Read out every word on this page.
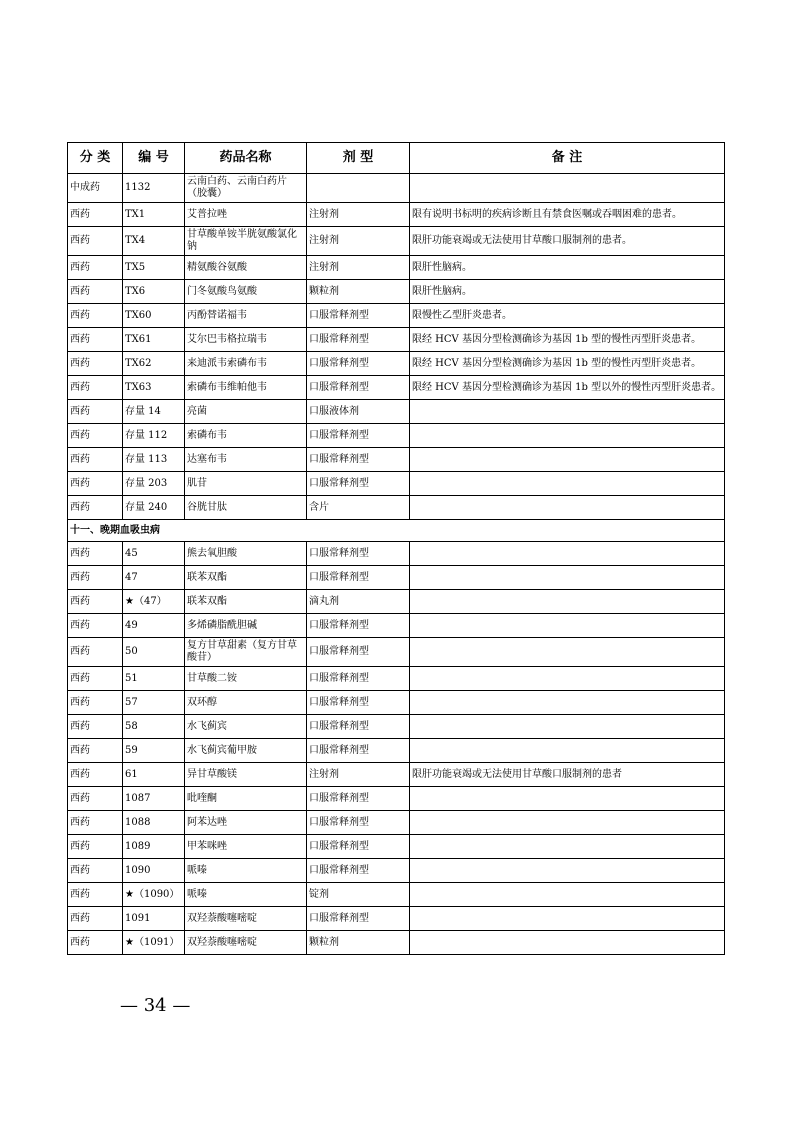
分 类	编 号	药品名称	剂 型	备 注
中成药	1132	云南白药、云南白药片（胶囊）		
西药	TX1	艾普拉唑	注射剂	限有说明书标明的疾病诊断且有禁食医嘱或吞咽困难的患者。
西药	TX4	甘草酸单铵半胱氨酸氯化钠	注射剂	限肝功能衰竭或无法使用甘草酸口服制剂的患者。
西药	TX5	精氨酸谷氨酸	注射剂	限肝性脑病。
西药	TX6	门冬氨酸鸟氨酸	颗粒剂	限肝性脑病。
西药	TX60	丙酚替诺福韦	口服常释剂型	限慢性乙型肝炎患者。
西药	TX61	艾尔巴韦格拉瑞韦	口服常释剂型	限经 HCV 基因分型检测确诊为基因 1b 型的慢性丙型肝炎患者。
西药	TX62	来迪派韦索磷布韦	口服常释剂型	限经 HCV 基因分型检测确诊为基因 1b 型的慢性丙型肝炎患者。
西药	TX63	索磷布韦维帕他韦	口服常释剂型	限经 HCV 基因分型检测确诊为基因 1b 型以外的慢性丙型肝炎患者。
西药	存量 14	亮菌	口服液体剂	
西药	存量 112	索磷布韦	口服常释剂型	
西药	存量 113	达塞布韦	口服常释剂型	
西药	存量 203	肌苷	口服常释剂型	
西药	存量 240	谷胱甘肽	含片	
十一、晚期血吸虫病				
西药	45	熊去氧胆酸	口服常释剂型	
西药	47	联苯双酯	口服常释剂型	
西药	★（47）	联苯双酯	滴丸剂	
西药	49	多烯磷脂酰胆碱	口服常释剂型	
西药	50	复方甘草甜素（复方甘草酸苷）	口服常释剂型	
西药	51	甘草酸二铵	口服常释剂型	
西药	57	双环醇	口服常释剂型	
西药	58	水飞蓟宾	口服常释剂型	
西药	59	水飞蓟宾葡甲胺	口服常释剂型	
西药	61	异甘草酸镁	注射剂	限肝功能衰竭或无法使用甘草酸口服制剂的患者
西药	1087	吡喹酮	口服常释剂型	
西药	1088	阿苯达唑	口服常释剂型	
西药	1089	甲苯咪唑	口服常释剂型	
西药	1090	哌嗪	口服常释剂型	
西药	★（1090）	哌嗪	锭剂	
西药	1091	双羟萘酸噻嘧啶	口服常释剂型	
西药	★（1091）	双羟萘酸噻嘧啶	颗粒剂	
— 34 —
